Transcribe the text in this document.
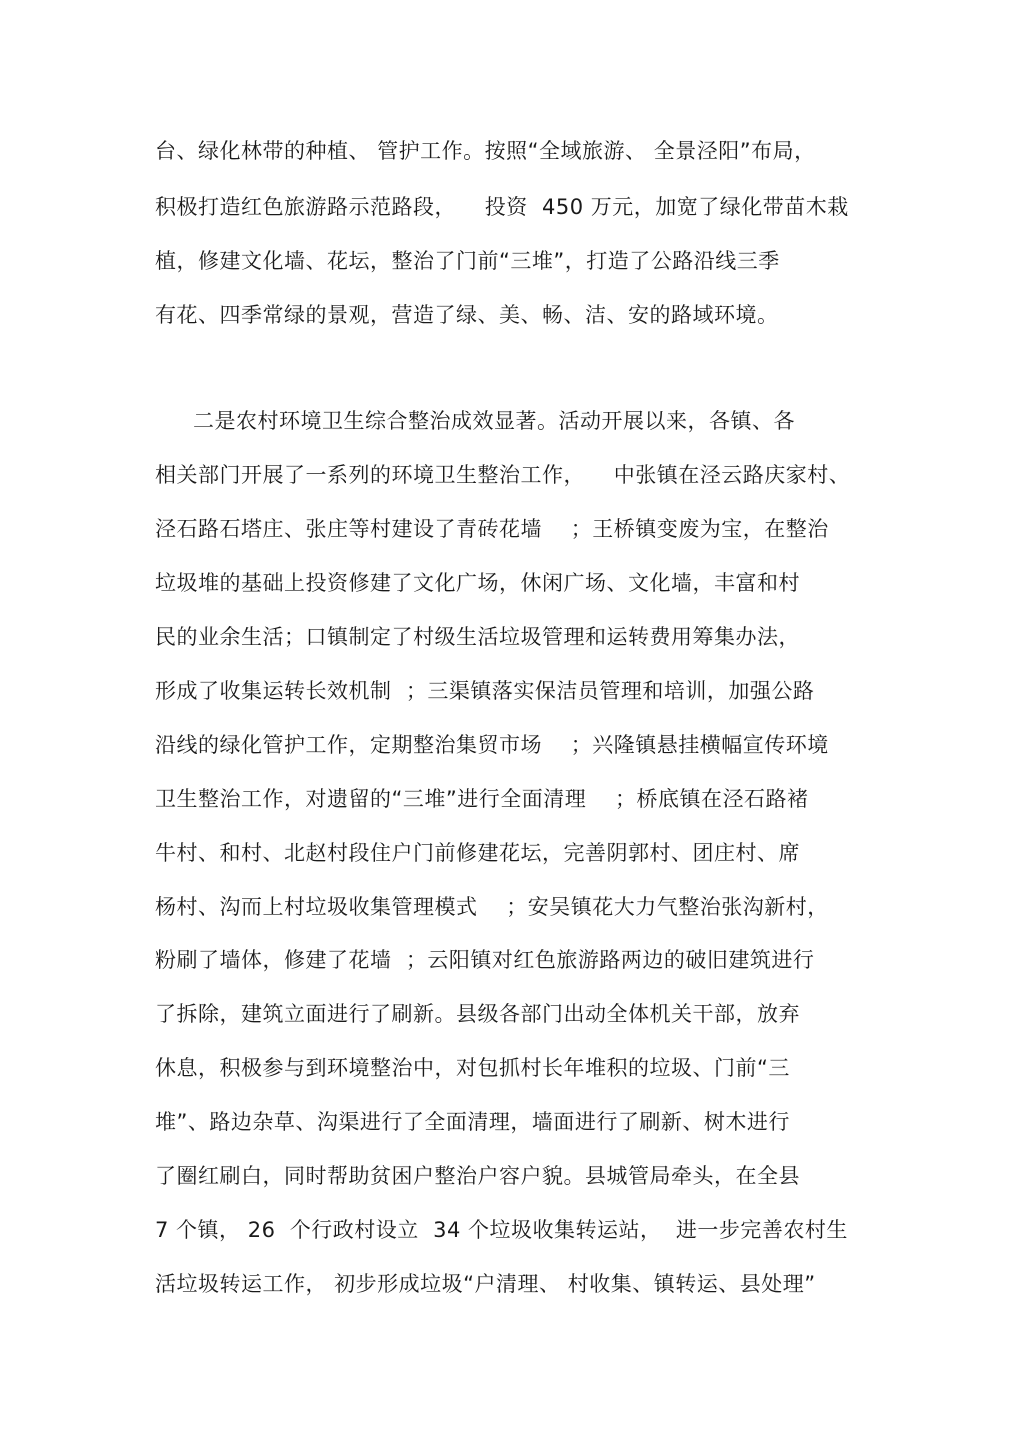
台、绿化林带的种植、 管护工作。按照“全域旅游、 全景泾阳”布局，
积极打造红色旅游路示范路段，    投资  450 万元，加宽了绿化带苗木栽
植，修建文化墙、花坛，整治了门前“三堆”，打造了公路沿线三季
有花、四季常绿的景观，营造了绿、美、畅、洁、安的路域环境。
二是农村环境卫生综合整治成效显著。活动开展以来，各镇、各
相关部门开展了一系列的环境卫生整治工作，    中张镇在泾云路庆家村、
泾石路石塔庄、张庄等村建设了青砖花墙    ；王桥镇变废为宝，在整治
垃圾堆的基础上投资修建了文化广场，休闲广场、文化墙，丰富和村
民的业余生活；口镇制定了村级生活垃圾管理和运转费用筹集办法，
形成了收集运转长效机制  ；三渠镇落实保洁员管理和培训，加强公路
沿线的绿化管护工作，定期整治集贸市场    ；兴隆镇悬挂横幅宣传环境
卫生整治工作，对遗留的“三堆”进行全面清理    ；桥底镇在泾石路褚
牛村、和村、北赵村段住户门前修建花坛，完善阴郭村、团庄村、席
杨村、沟而上村垃圾收集管理模式    ；安吴镇花大力气整治张沟新村，
粉刷了墙体，修建了花墙  ；云阳镇对红色旅游路两边的破旧建筑进行
了拆除，建筑立面进行了刷新。县级各部门出动全体机关干部，放弃
休息，积极参与到环境整治中，对包抓村长年堆积的垃圾、门前“三
堆”、路边杂草、沟渠进行了全面清理，墙面进行了刷新、树木进行
了圈红刷白，同时帮助贫困户整治户容户貌。县城管局牵头，在全县
7 个镇， 26  个行政村设立  34 个垃圾收集转运站，  进一步完善农村生
活垃圾转运工作， 初步形成垃圾“户清理、 村收集、镇转运、县处理”
